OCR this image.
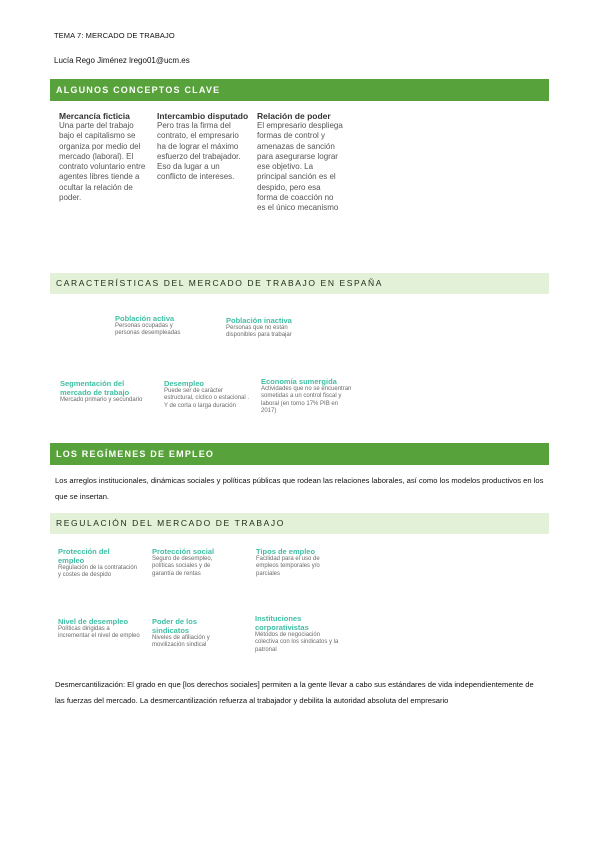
TEMA 7: MERCADO DE TRABAJO
Lucía Rego Jiménez lrego01@ucm.es
ALGUNOS CONCEPTOS CLAVE
Mercancía ficticia
Una parte del trabajo bajo el capitalismo se organiza por medio del mercado (laboral). El contrato voluntario entre agentes libres tiende a ocultar la relación de poder.
Intercambio disputado
Pero tras la firma del contrato, el empresario ha de lograr el máximo esfuerzo del trabajador. Eso da lugar a un conflicto de intereses.
Relación de poder
El empresario despliega formas de control y amenazas de sanción para asegurarse lograr ese objetivo. La principal sanción es el despido, pero esa forma de coacción no es el único mecanismo
CARACTERÍSTICAS DEL MERCADO DE TRABAJO EN ESPAÑA
Población activa
Personas ocupadas y personas desempleadas
Población inactiva
Personas que no están disponibles para trabajar
Segmentación del mercado de trabajo
Mercado primario y secundario
Desempleo
Puede ser de carácter estructural, cíclico o estacional . Y de corta o larga duración
Economía sumergida
Actividades que no se encuentran sometidas a un control fiscal y laboral (en torno 17% PIB en 2017)
LOS REGÍMENES DE EMPLEO
Los arreglos institucionales, dinámicas sociales y políticas públicas que rodean las relaciones laborales, así como los modelos productivos en los que se insertan.
REGULACIÓN DEL MERCADO DE TRABAJO
Protección del empleo
Regulación de la contratación y costes de despido
Protección social
Seguro de desempleo, políticas sociales y de garantía de rentas
Tipos de empleo
Facilidad para el uso de empleos temporales y/o parciales
Nivel de desempleo
Políticas dirigidas a incrementar el nivel de empleo
Poder de los sindicatos
Niveles de afiliación y movilización sindical
Instituciones corporativistas
Métodos de negociación colectiva con los sindicatos y la patronal
Desmercantilización: El grado en que [los derechos sociales] permiten a la gente llevar a cabo sus estándares de vida independientemente de las fuerzas del mercado. La desmercantilización refuerza al trabajador y debilita la autoridad absoluta del empresario
